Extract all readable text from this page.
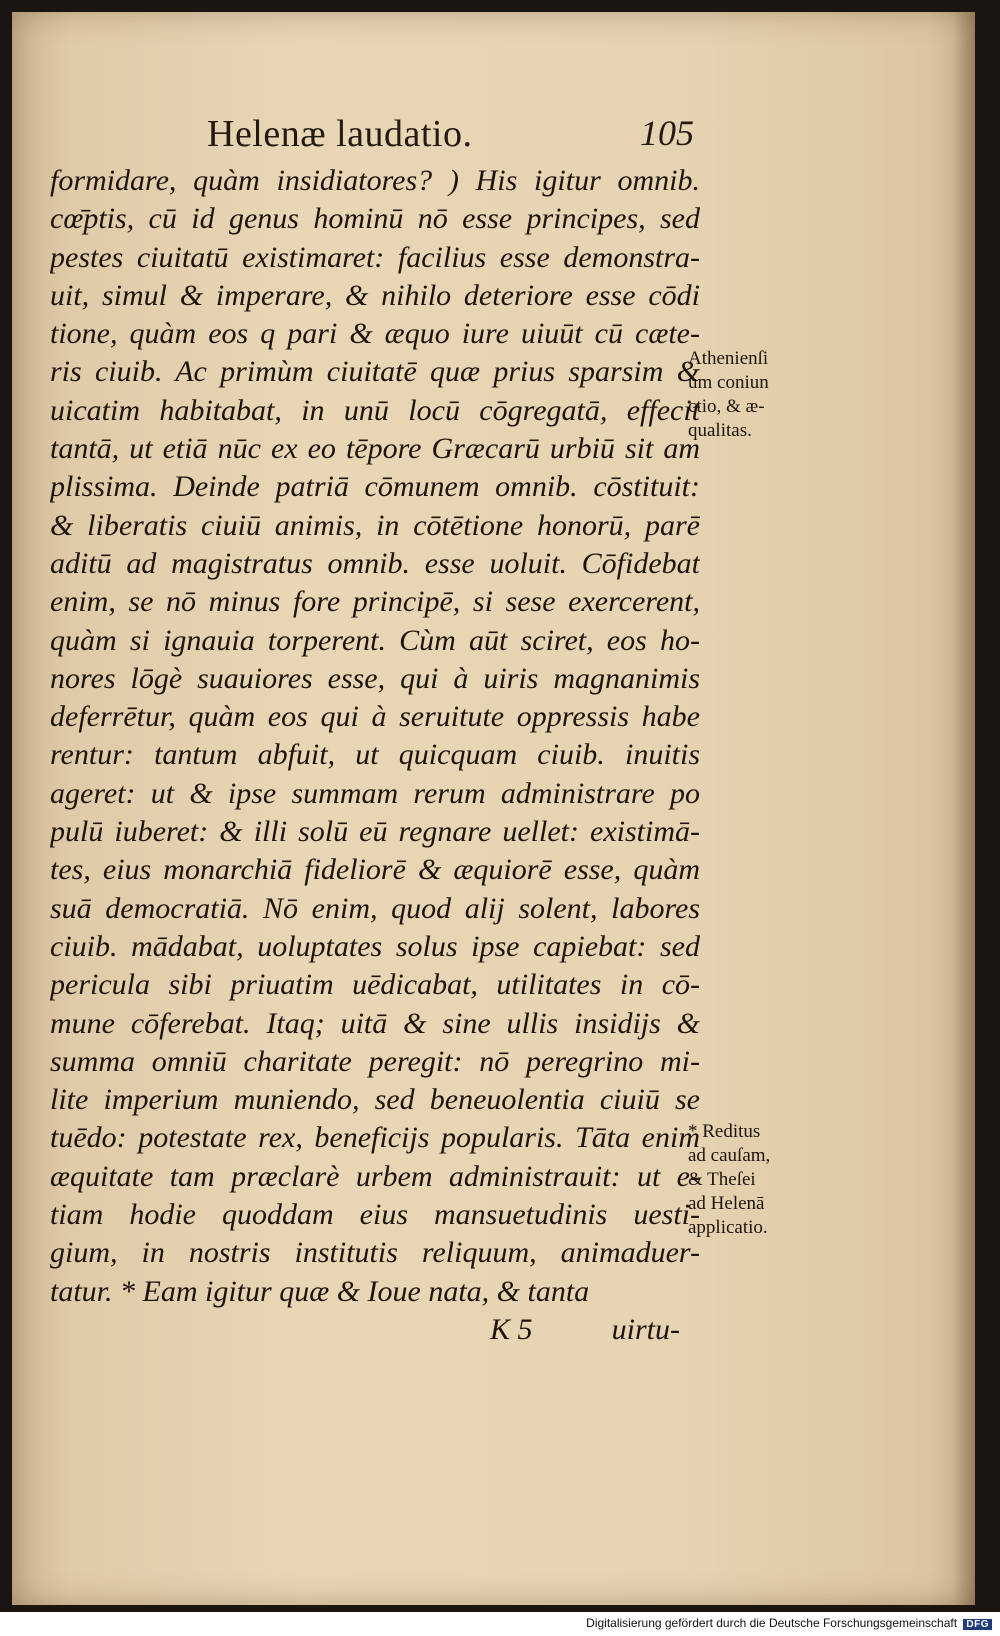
Helenæ laudatio.	105
formidare, quàm insidiatores? ) His igitur omnib.
cœ̄ptis, cū id genus hominū nō esse principes, sed
pestes ciuitatū existimaret: facilius esse demonstra-
uit, simul & imperare, & nihilo deteriore esse cōdi
tione, quàm eos q pari & æquo iure uiuūt cū cæte-
ris ciuib. Ac primùm ciuitatē quæ prius sparsim &
uicatim habitabat, in unū locū cōgregatā, effecit
tantā, ut etiā nūc ex eo tēpore Græcarū urbiū sit am
plissima. Deinde patriā cōmunem omnib. cōstituit:
& liberatis ciuiū animis, in cōtētione honorū, parē
aditū ad magistratus omnib. esse uoluit. Cōfidebat
enim, se nō minus fore principē, si sese exercerent,
quàm si ignauia torperent. Cùm aūt sciret, eos ho-
nores lōgè suauiores esse, qui à uiris magnanimis
deferrētur, quàm eos qui à seruitute oppressis habe
rentur: tantum abfuit, ut quicquam ciuib. inuitis
ageret: ut & ipse summam rerum administrare po
pulū iuberet: & illi solū eū regnare uellet: existimā-
tes, eius monarchiā fideliorē & æquiorē esse, quàm
suā democratiā. Nō enim, quod alij solent, labores
ciuib. mādabat, uoluptates solus ipse capiebat: sed
pericula sibi priuatim uēdicabat, utilitates in cō-
mune cōferebat. Itaq; uitā & sine ullis insidijs &
summa omniū charitate peregit: nō peregrino mi-
lite imperium muniendo, sed beneuolentia ciuiū se
tuēdo: potestate rex, beneficijs popularis. Tāta enim
æquitate tam præclarè urbem administrauit: ut e-
tiam hodie quoddam eius mansuetudinis uesti-
gium, in nostris institutis reliquum, animaduer-
tatur. * Eam igitur quæ & Ioue nata, & tanta
K 5	uirtu-
Athenienſi
um coniun
ctio, & æ-
qualitas.
* Reditus
ad cauſam,
& Theſei
ad Helenā
applicatio.
Digitalisierung gefördert durch die Deutsche Forschungsgemeinschaft DFG
